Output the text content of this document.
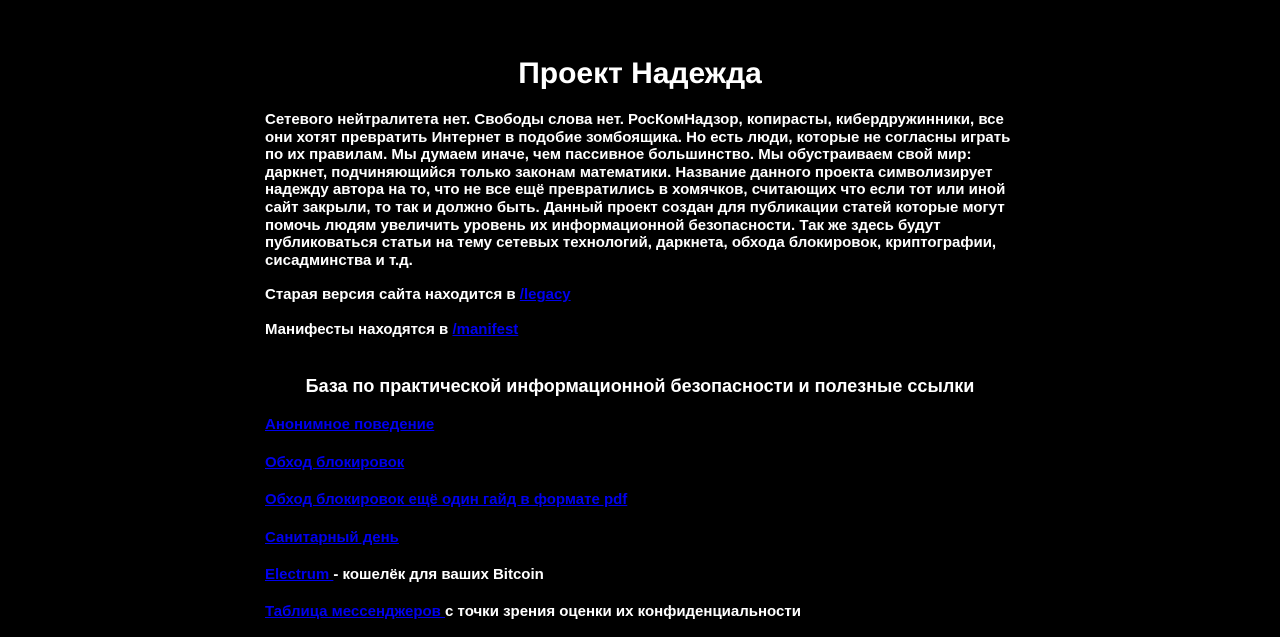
Проект Надежда

Сетевого нейтралитета нет. Свободы слова нет. РосКомНадзор, копирасты, кибердружинники, все они хотят превратить Интернет в подобие зомбоящика. Но есть люди, которые не согласны играть по их правилам. Мы думаем иначе, чем пассивное большинство. Мы обустраиваем свой мир: даркнет, подчиняющийся только законам математики. Название данного проекта символизирует надежду автора на то, что не все ещё превратились в хомячков, считающих что если тот или иной сайт закрыли, то так и должно быть. Данный проект создан для публикации статей которые могут помочь людям увеличить уровень их информационной безопасности. Так же здесь будут публиковаться статьи на тему сетевых технологий, даркнета, обхода блокировок, криптографии, сисадминства и т.д.

Старая версия сайта находится в /legacy

Манифесты находятся в /manifest

База по практической информационной безопасности и полезные ссылки

Анонимное поведение

Обход блокировок

Обход блокировок ещё один гайд в формате pdf

Санитарный день

Electrum - кошелёк для ваших Bitcoin

Таблица мессенджеров с точки зрения оценки их конфиденциальности
